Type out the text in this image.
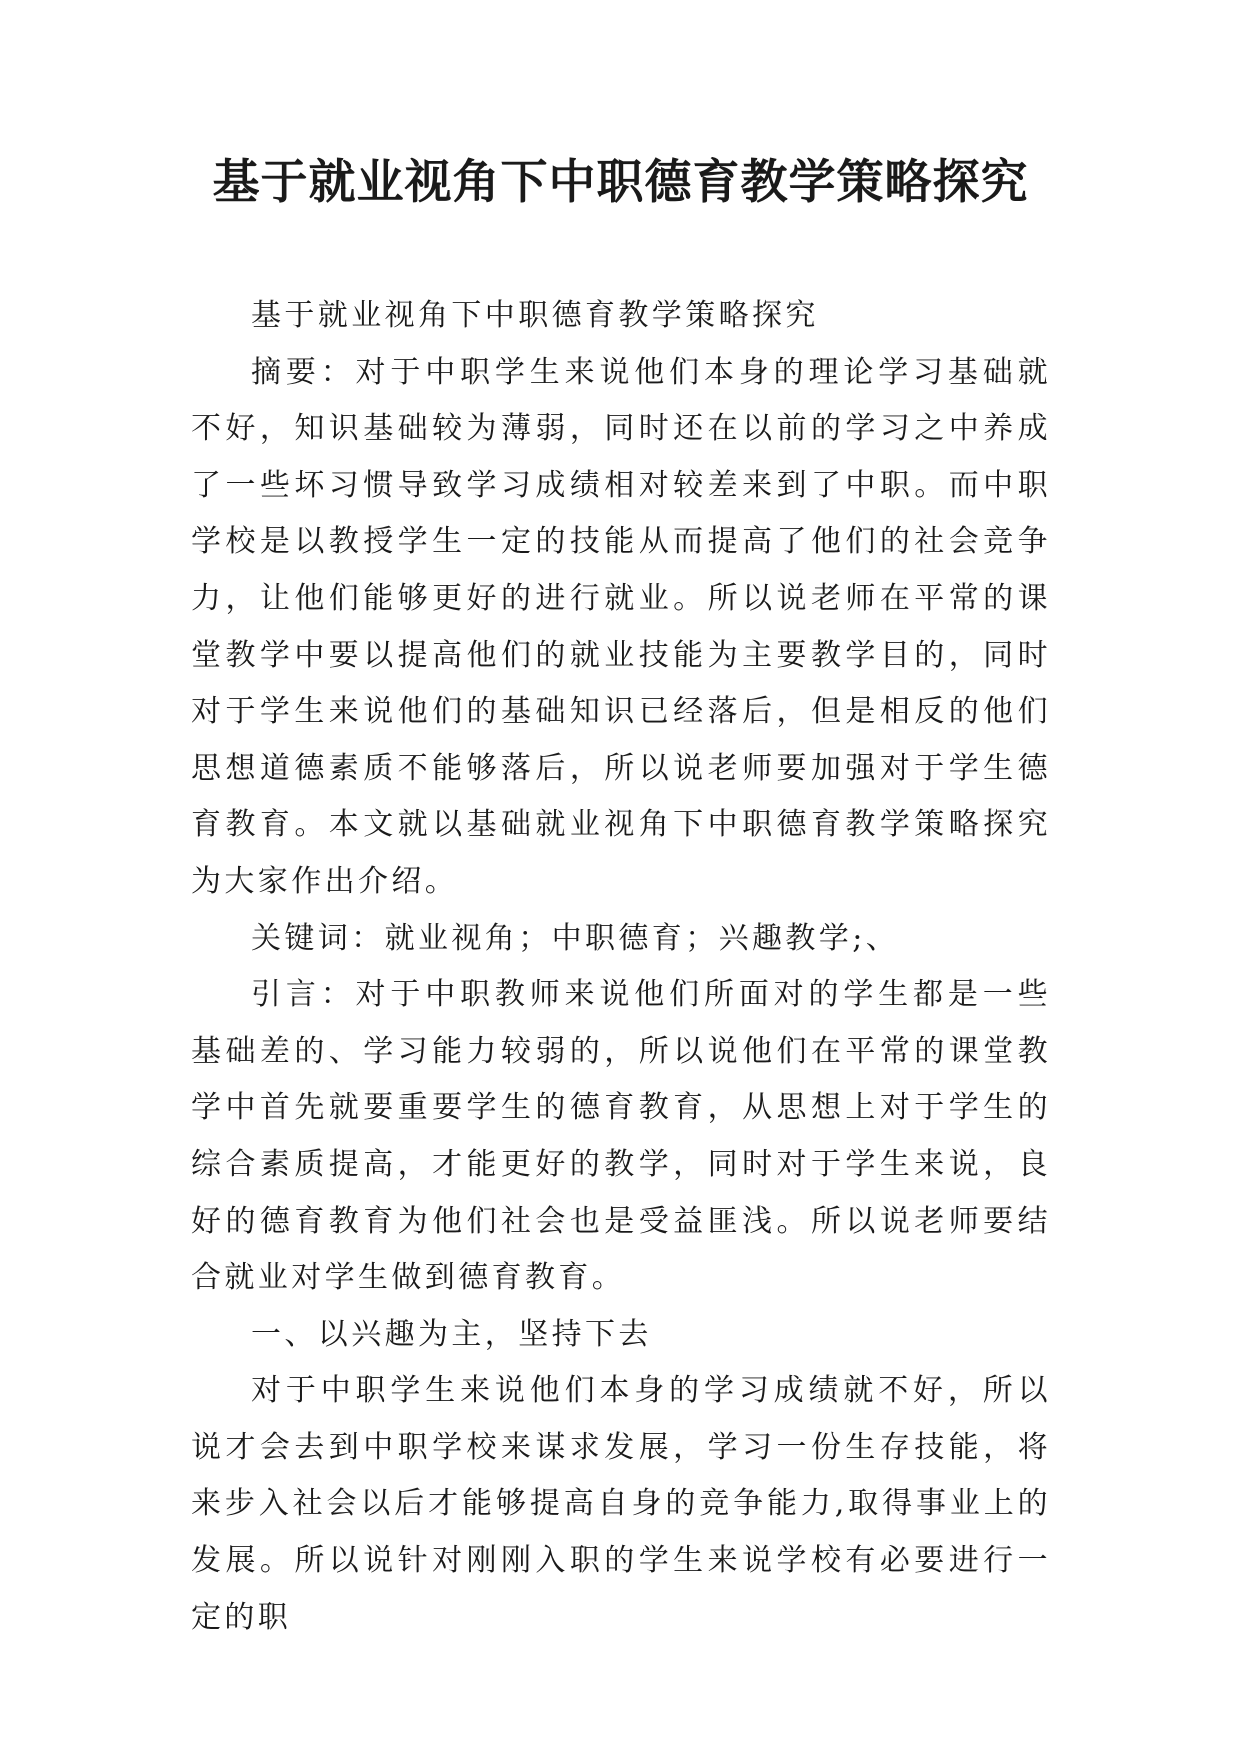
基于就业视角下中职德育教学策略探究

基于就业视角下中职德育教学策略探究

摘要：对于中职学生来说他们本身的理论学习基础就不好，知识基础较为薄弱，同时还在以前的学习之中养成了一些坏习惯导致学习成绩相对较差来到了中职。而中职学校是以教授学生一定的技能从而提高了他们的社会竞争力，让他们能够更好的进行就业。所以说老师在平常的课堂教学中要以提高他们的就业技能为主要教学目的，同时对于学生来说他们的基础知识已经落后，但是相反的他们思想道德素质不能够落后，所以说老师要加强对于学生德育教育。本文就以基础就业视角下中职德育教学策略探究为大家作出介绍。

关键词：就业视角；中职德育；兴趣教学;、

引言：对于中职教师来说他们所面对的学生都是一些基础差的、学习能力较弱的，所以说他们在平常的课堂教学中首先就要重要学生的德育教育，从思想上对于学生的综合素质提高，才能更好的教学，同时对于学生来说，良好的德育教育为他们社会也是受益匪浅。所以说老师要结合就业对学生做到德育教育。

一、以兴趣为主，坚持下去

对于中职学生来说他们本身的学习成绩就不好，所以说才会去到中职学校来谋求发展，学习一份生存技能，将来步入社会以后才能够提高自身的竞争能力,取得事业上的发展。所以说针对刚刚入职的学生来说学校有必要进行一定的职
